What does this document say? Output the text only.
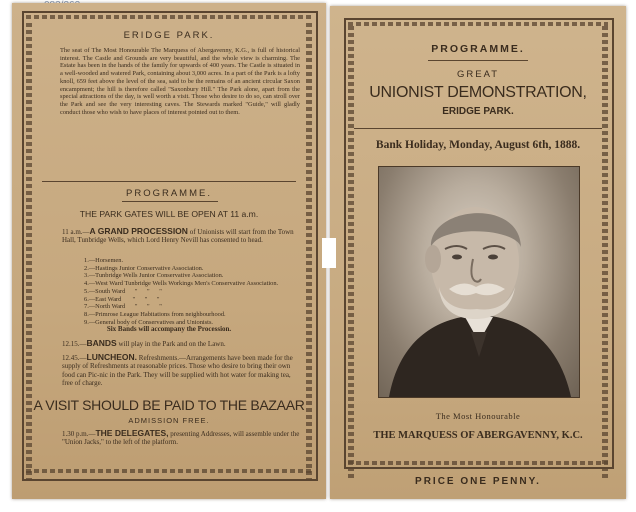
ERIDGE PARK.
The seat of The Most Honourable The Marquess of Abergavenny, K.G., is full of historical interest. The Castle and Grounds are very beautiful, and the whole view is charming. The Estate has been in the hands of the family for upwards of 400 years. The Castle is situated in a well-wooded and watered Park, containing about 3,000 acres. In a part of the Park is a lofty knoll, 659 feet above the level of the sea, said to be the remains of an ancient circular Saxon encampment; the hill is therefore called "Saxonbury Hill." The Park alone, apart from the special attractions of the day, is well worth a visit. Those who desire to do so, can stroll over the Park and see the very interesting caves. The Stewards marked "Guide," will gladly conduct those who wish to have places of interest pointed out to them.
PROGRAMME.
THE PARK GATES WILL BE OPEN AT 11 a.m.
11 a.m.—A GRAND PROCESSION of Unionists will start from the Town Hall, Tunbridge Wells, which Lord Henry Nevill has consented to head.
1.—Horsemen.
2.—Hastings Junior Conservative Association.
3.—Tunbridge Wells Junior Conservative Association.
4.—West Ward Tunbridge Wells Workings Men's Conservative Association.
5.—South Ward      "      "      "
6.—East Ward       "      "      "
7.—North Ward      "      "      "
8.—Primrose League Habitations from neighbourhood.
9.—General body of Conservatives and Unionists.
Six Bands will accompany the Procession.
12.15.—BANDS will play in the Park and on the Lawn.
12.45.—LUNCHEON. Refreshments.—Arrangements have been made for the supply of Refreshments at reasonable prices. Those who desire to bring their own food can Pic-nic in the Park. They will be supplied with hot water for making tea, free of charge.
A VISIT SHOULD BE PAID TO THE BAZAAR
ADMISSION FREE.
1.30 p.m.—THE DELEGATES, presenting Addresses, will assemble under the "Union Jacks," to the left of the platform.
PROGRAMME.
GREAT
UNIONIST DEMONSTRATION,
ERIDGE PARK.
Bank Holiday, Monday, August 6th, 1888.
The Most Honourable
THE MARQUESS OF ABERGAVENNY, K.C.
PRICE ONE PENNY.
